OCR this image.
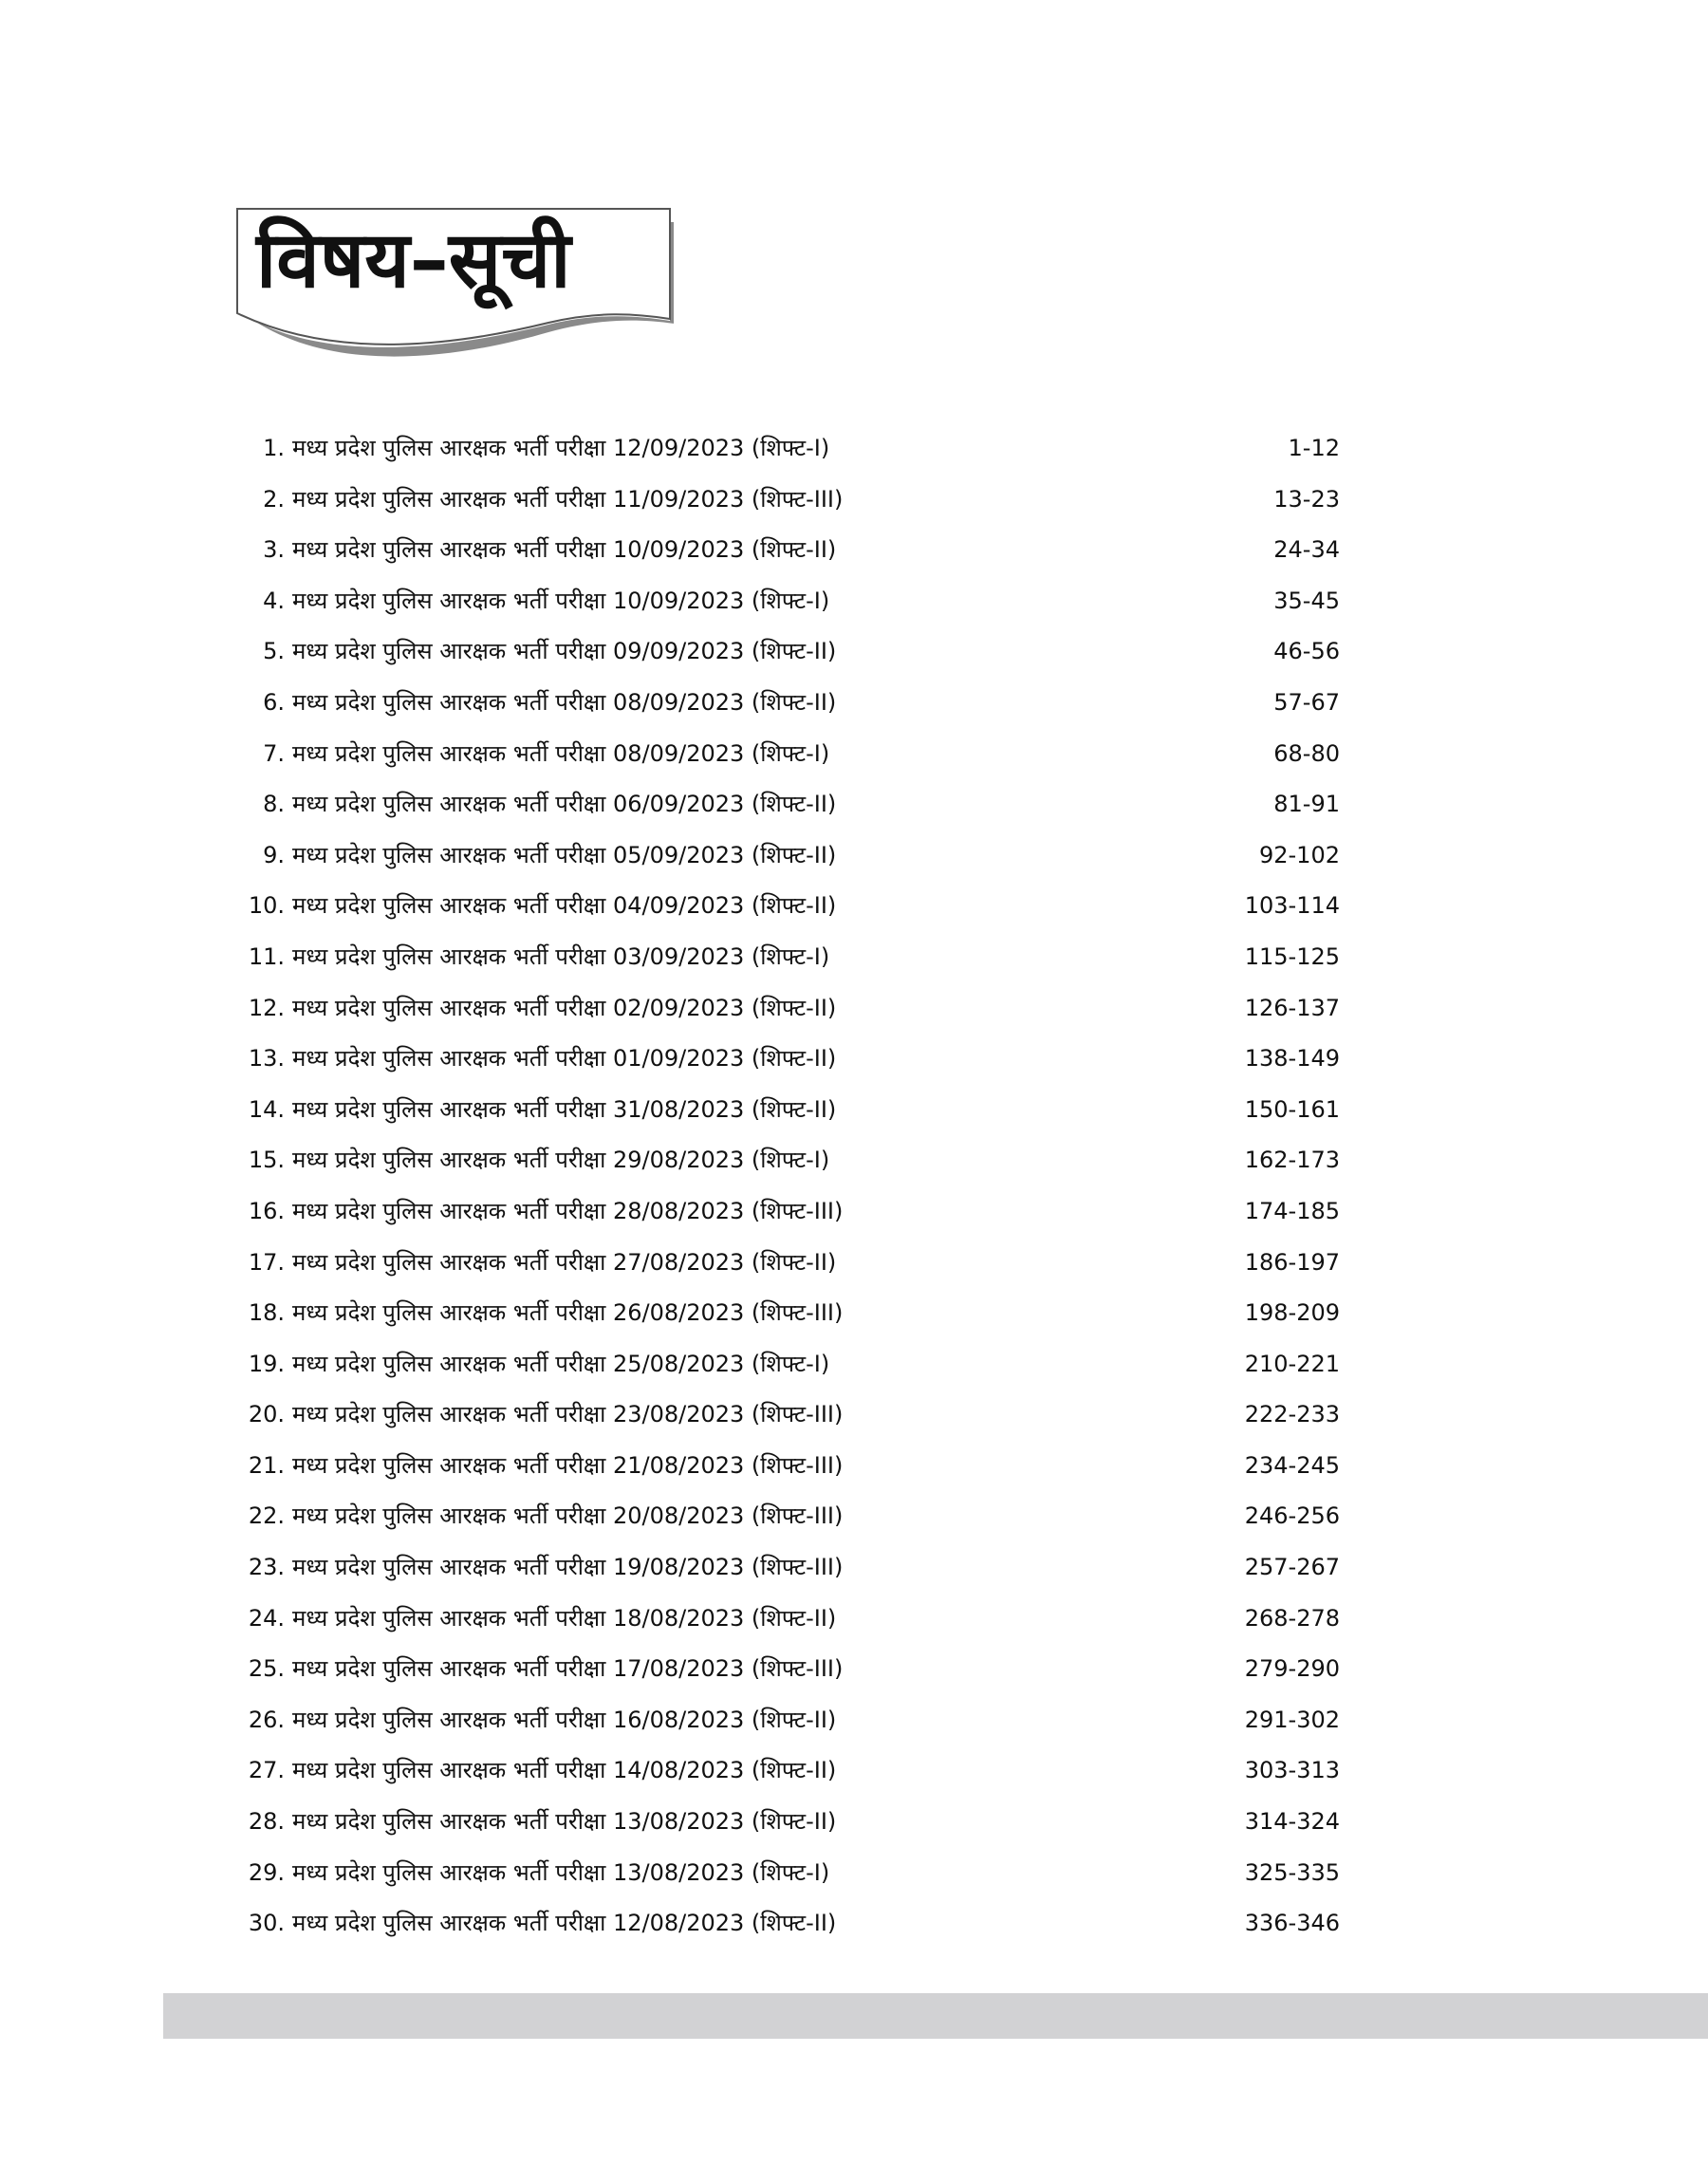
विषय–सूची
1. मध्य प्रदेश पुलिस आरक्षक भर्ती परीक्षा 12/09/2023 (शिफ्ट-I)	1-12
2. मध्य प्रदेश पुलिस आरक्षक भर्ती परीक्षा 11/09/2023 (शिफ्ट-III)	13-23
3. मध्य प्रदेश पुलिस आरक्षक भर्ती परीक्षा 10/09/2023 (शिफ्ट-II)	24-34
4. मध्य प्रदेश पुलिस आरक्षक भर्ती परीक्षा 10/09/2023 (शिफ्ट-I)	35-45
5. मध्य प्रदेश पुलिस आरक्षक भर्ती परीक्षा 09/09/2023 (शिफ्ट-II)	46-56
6. मध्य प्रदेश पुलिस आरक्षक भर्ती परीक्षा 08/09/2023 (शिफ्ट-II)	57-67
7. मध्य प्रदेश पुलिस आरक्षक भर्ती परीक्षा 08/09/2023 (शिफ्ट-I)	68-80
8. मध्य प्रदेश पुलिस आरक्षक भर्ती परीक्षा 06/09/2023 (शिफ्ट-II)	81-91
9. मध्य प्रदेश पुलिस आरक्षक भर्ती परीक्षा 05/09/2023 (शिफ्ट-II)	92-102
10. मध्य प्रदेश पुलिस आरक्षक भर्ती परीक्षा 04/09/2023 (शिफ्ट-II)	103-114
11. मध्य प्रदेश पुलिस आरक्षक भर्ती परीक्षा 03/09/2023 (शिफ्ट-I)	115-125
12. मध्य प्रदेश पुलिस आरक्षक भर्ती परीक्षा 02/09/2023 (शिफ्ट-II)	126-137
13. मध्य प्रदेश पुलिस आरक्षक भर्ती परीक्षा 01/09/2023 (शिफ्ट-II)	138-149
14. मध्य प्रदेश पुलिस आरक्षक भर्ती परीक्षा 31/08/2023 (शिफ्ट-II)	150-161
15. मध्य प्रदेश पुलिस आरक्षक भर्ती परीक्षा 29/08/2023 (शिफ्ट-I)	162-173
16. मध्य प्रदेश पुलिस आरक्षक भर्ती परीक्षा 28/08/2023 (शिफ्ट-III)	174-185
17. मध्य प्रदेश पुलिस आरक्षक भर्ती परीक्षा 27/08/2023 (शिफ्ट-II)	186-197
18. मध्य प्रदेश पुलिस आरक्षक भर्ती परीक्षा 26/08/2023 (शिफ्ट-III)	198-209
19. मध्य प्रदेश पुलिस आरक्षक भर्ती परीक्षा 25/08/2023 (शिफ्ट-I)	210-221
20. मध्य प्रदेश पुलिस आरक्षक भर्ती परीक्षा 23/08/2023 (शिफ्ट-III)	222-233
21. मध्य प्रदेश पुलिस आरक्षक भर्ती परीक्षा 21/08/2023 (शिफ्ट-III)	234-245
22. मध्य प्रदेश पुलिस आरक्षक भर्ती परीक्षा 20/08/2023 (शिफ्ट-III)	246-256
23. मध्य प्रदेश पुलिस आरक्षक भर्ती परीक्षा 19/08/2023 (शिफ्ट-III)	257-267
24. मध्य प्रदेश पुलिस आरक्षक भर्ती परीक्षा 18/08/2023 (शिफ्ट-II)	268-278
25. मध्य प्रदेश पुलिस आरक्षक भर्ती परीक्षा 17/08/2023 (शिफ्ट-III)	279-290
26. मध्य प्रदेश पुलिस आरक्षक भर्ती परीक्षा 16/08/2023 (शिफ्ट-II)	291-302
27. मध्य प्रदेश पुलिस आरक्षक भर्ती परीक्षा 14/08/2023 (शिफ्ट-II)	303-313
28. मध्य प्रदेश पुलिस आरक्षक भर्ती परीक्षा 13/08/2023 (शिफ्ट-II)	314-324
29. मध्य प्रदेश पुलिस आरक्षक भर्ती परीक्षा 13/08/2023 (शिफ्ट-I)	325-335
30. मध्य प्रदेश पुलिस आरक्षक भर्ती परीक्षा 12/08/2023 (शिफ्ट-II)	336-346
